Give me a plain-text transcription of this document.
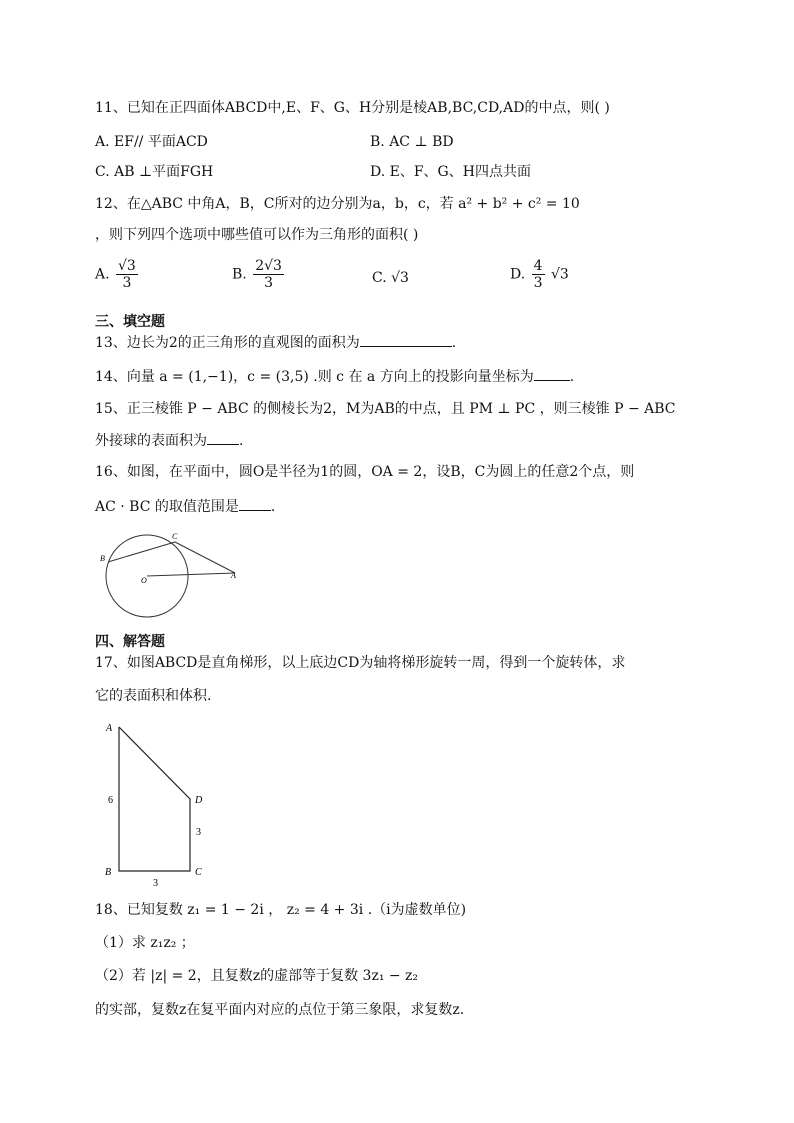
11、已知在正四面体ABCD中,E、F、G、H分别是棱AB,BC,CD,AD的中点，则( )
A. EF// 平面ACD	B. AC ⊥ BD
C. AB ⊥平面FGH	D. E、F、G、H四点共面
12、在△ABC 中角A，B，C所对的边分别为a，b，c，若 a² + b² + c² = 10
，则下列四个选项中哪些值可以作为三角形的面积( )
A. $\frac{√3}{3}$	B. $\frac{2√3}{3}$	C. √3	D. $\frac{4}{3} √3$
三、填空题
13、边长为2的正三角形的直观图的面积为	.
14、向量 a = (1,−1)，c = (3,5) .则 c 在 a 方向上的投影向量坐标为	.
15、正三棱锥 P − ABC 的侧棱长为2，M为AB的中点，且 PM ⊥ PC ，则三棱锥 P − ABC
外接球的表面积为 .
16、如图，在平面中，圆O是半径为1的圆，OA = 2，设B，C为圆上的任意2个点，则
AC · BC 的取值范围是 .
B
C
O
A
四、解答题
17、如图ABCD是直角梯形，以上底边CD为轴将梯形旋转一周，得到一个旋转体，求
它的表面积和体积.
A
B	C
D
6
3
3
18、已知复数 z₁ = 1 − 2i ， z₂ = 4 + 3i .（i为虚数单位)
（1）求 z₁z₂ ；
（2）若 |z| = 2，且复数z的虚部等于复数 3z₁ − z₂
的实部，复数z在复平面内对应的点位于第三象限，求复数z.
